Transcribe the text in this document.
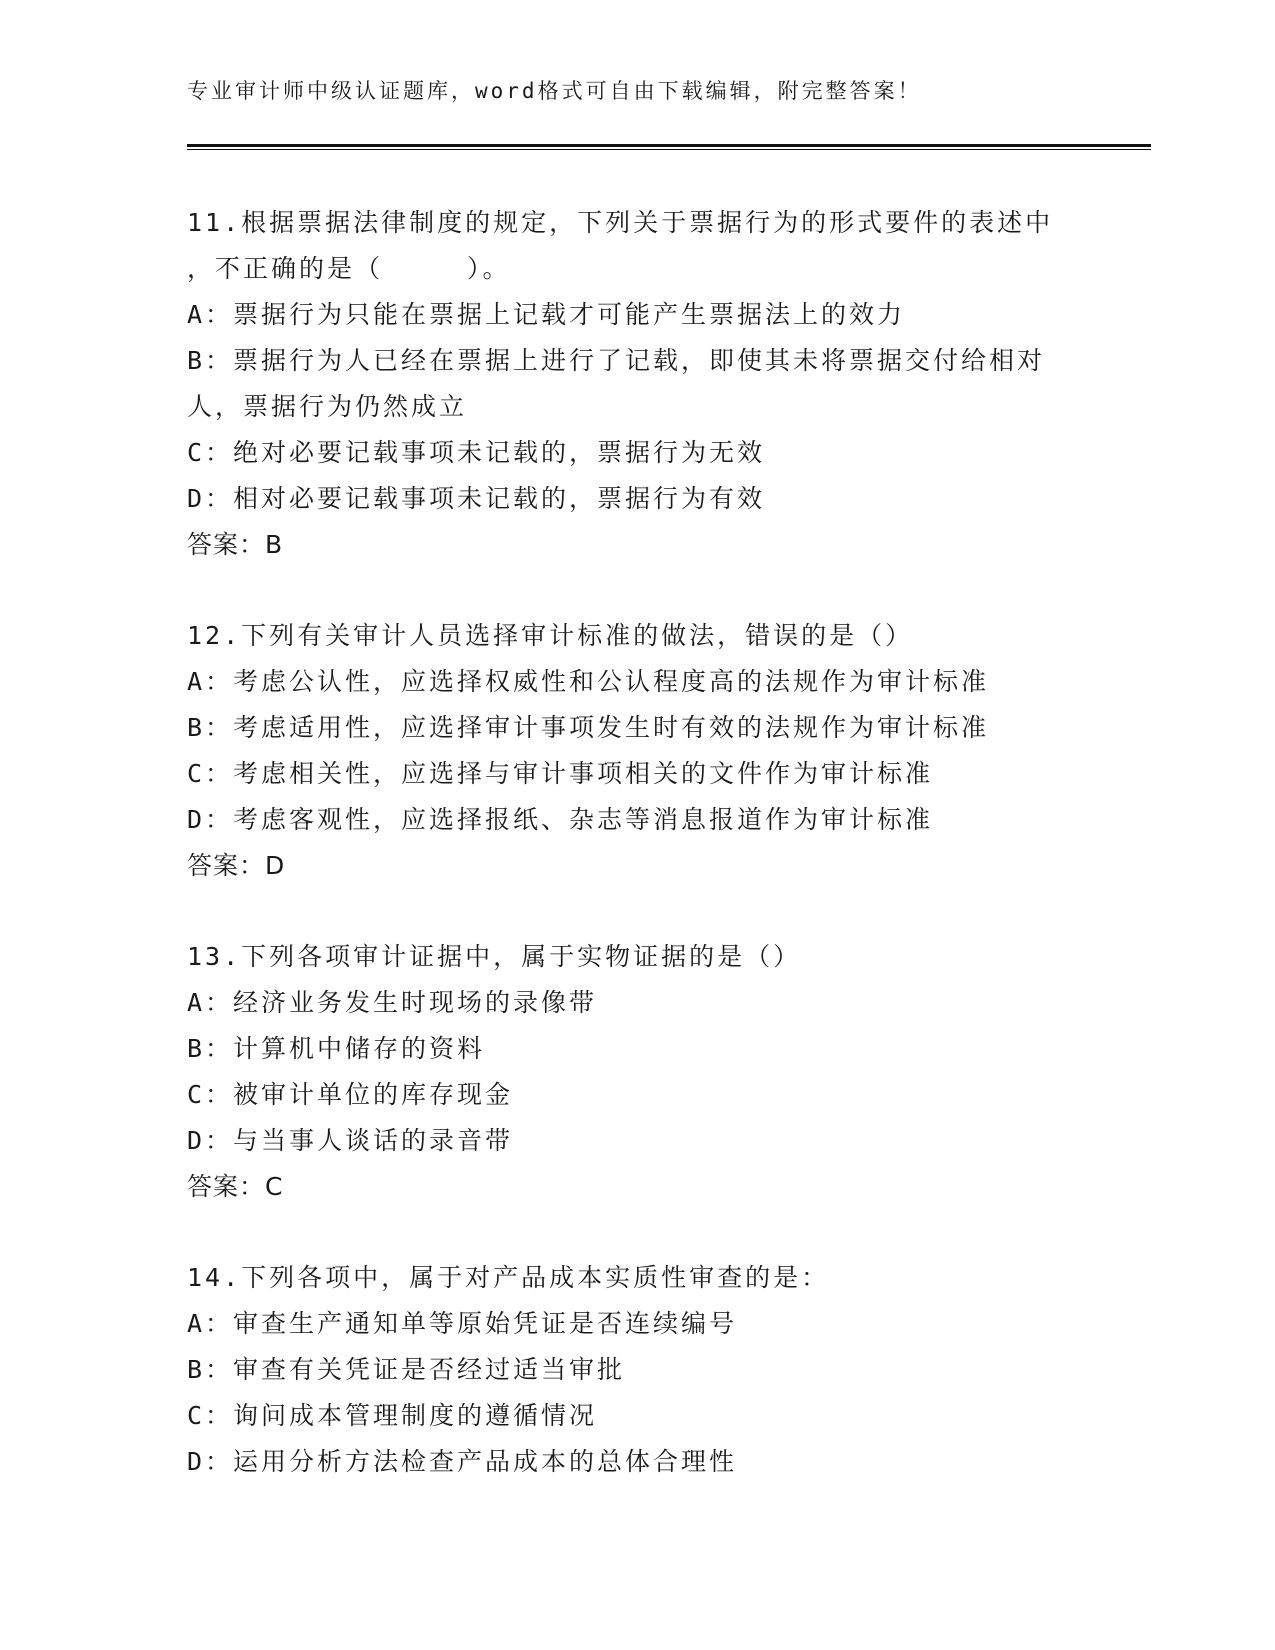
专业审计师中级认证题库，word格式可自由下载编辑，附完整答案！
11.根据票据法律制度的规定，下列关于票据行为的形式要件的表述中
，不正确的是（　　　）。
A：票据行为只能在票据上记载才可能产生票据法上的效力
B：票据行为人已经在票据上进行了记载，即使其未将票据交付给相对
人，票据行为仍然成立
C：绝对必要记载事项未记载的，票据行为无效
D：相对必要记载事项未记载的，票据行为有效
答案：B
12.下列有关审计人员选择审计标准的做法，错误的是（）
A：考虑公认性，应选择权威性和公认程度高的法规作为审计标准
B：考虑适用性，应选择审计事项发生时有效的法规作为审计标准
C：考虑相关性，应选择与审计事项相关的文件作为审计标准
D：考虑客观性，应选择报纸、杂志等消息报道作为审计标准
答案：D
13.下列各项审计证据中，属于实物证据的是（）
A：经济业务发生时现场的录像带
B：计算机中储存的资料
C：被审计单位的库存现金
D：与当事人谈话的录音带
答案：C
14.下列各项中，属于对产品成本实质性审查的是：
A：审查生产通知单等原始凭证是否连续编号
B：审查有关凭证是否经过适当审批
C：询问成本管理制度的遵循情况
D：运用分析方法检查产品成本的总体合理性
